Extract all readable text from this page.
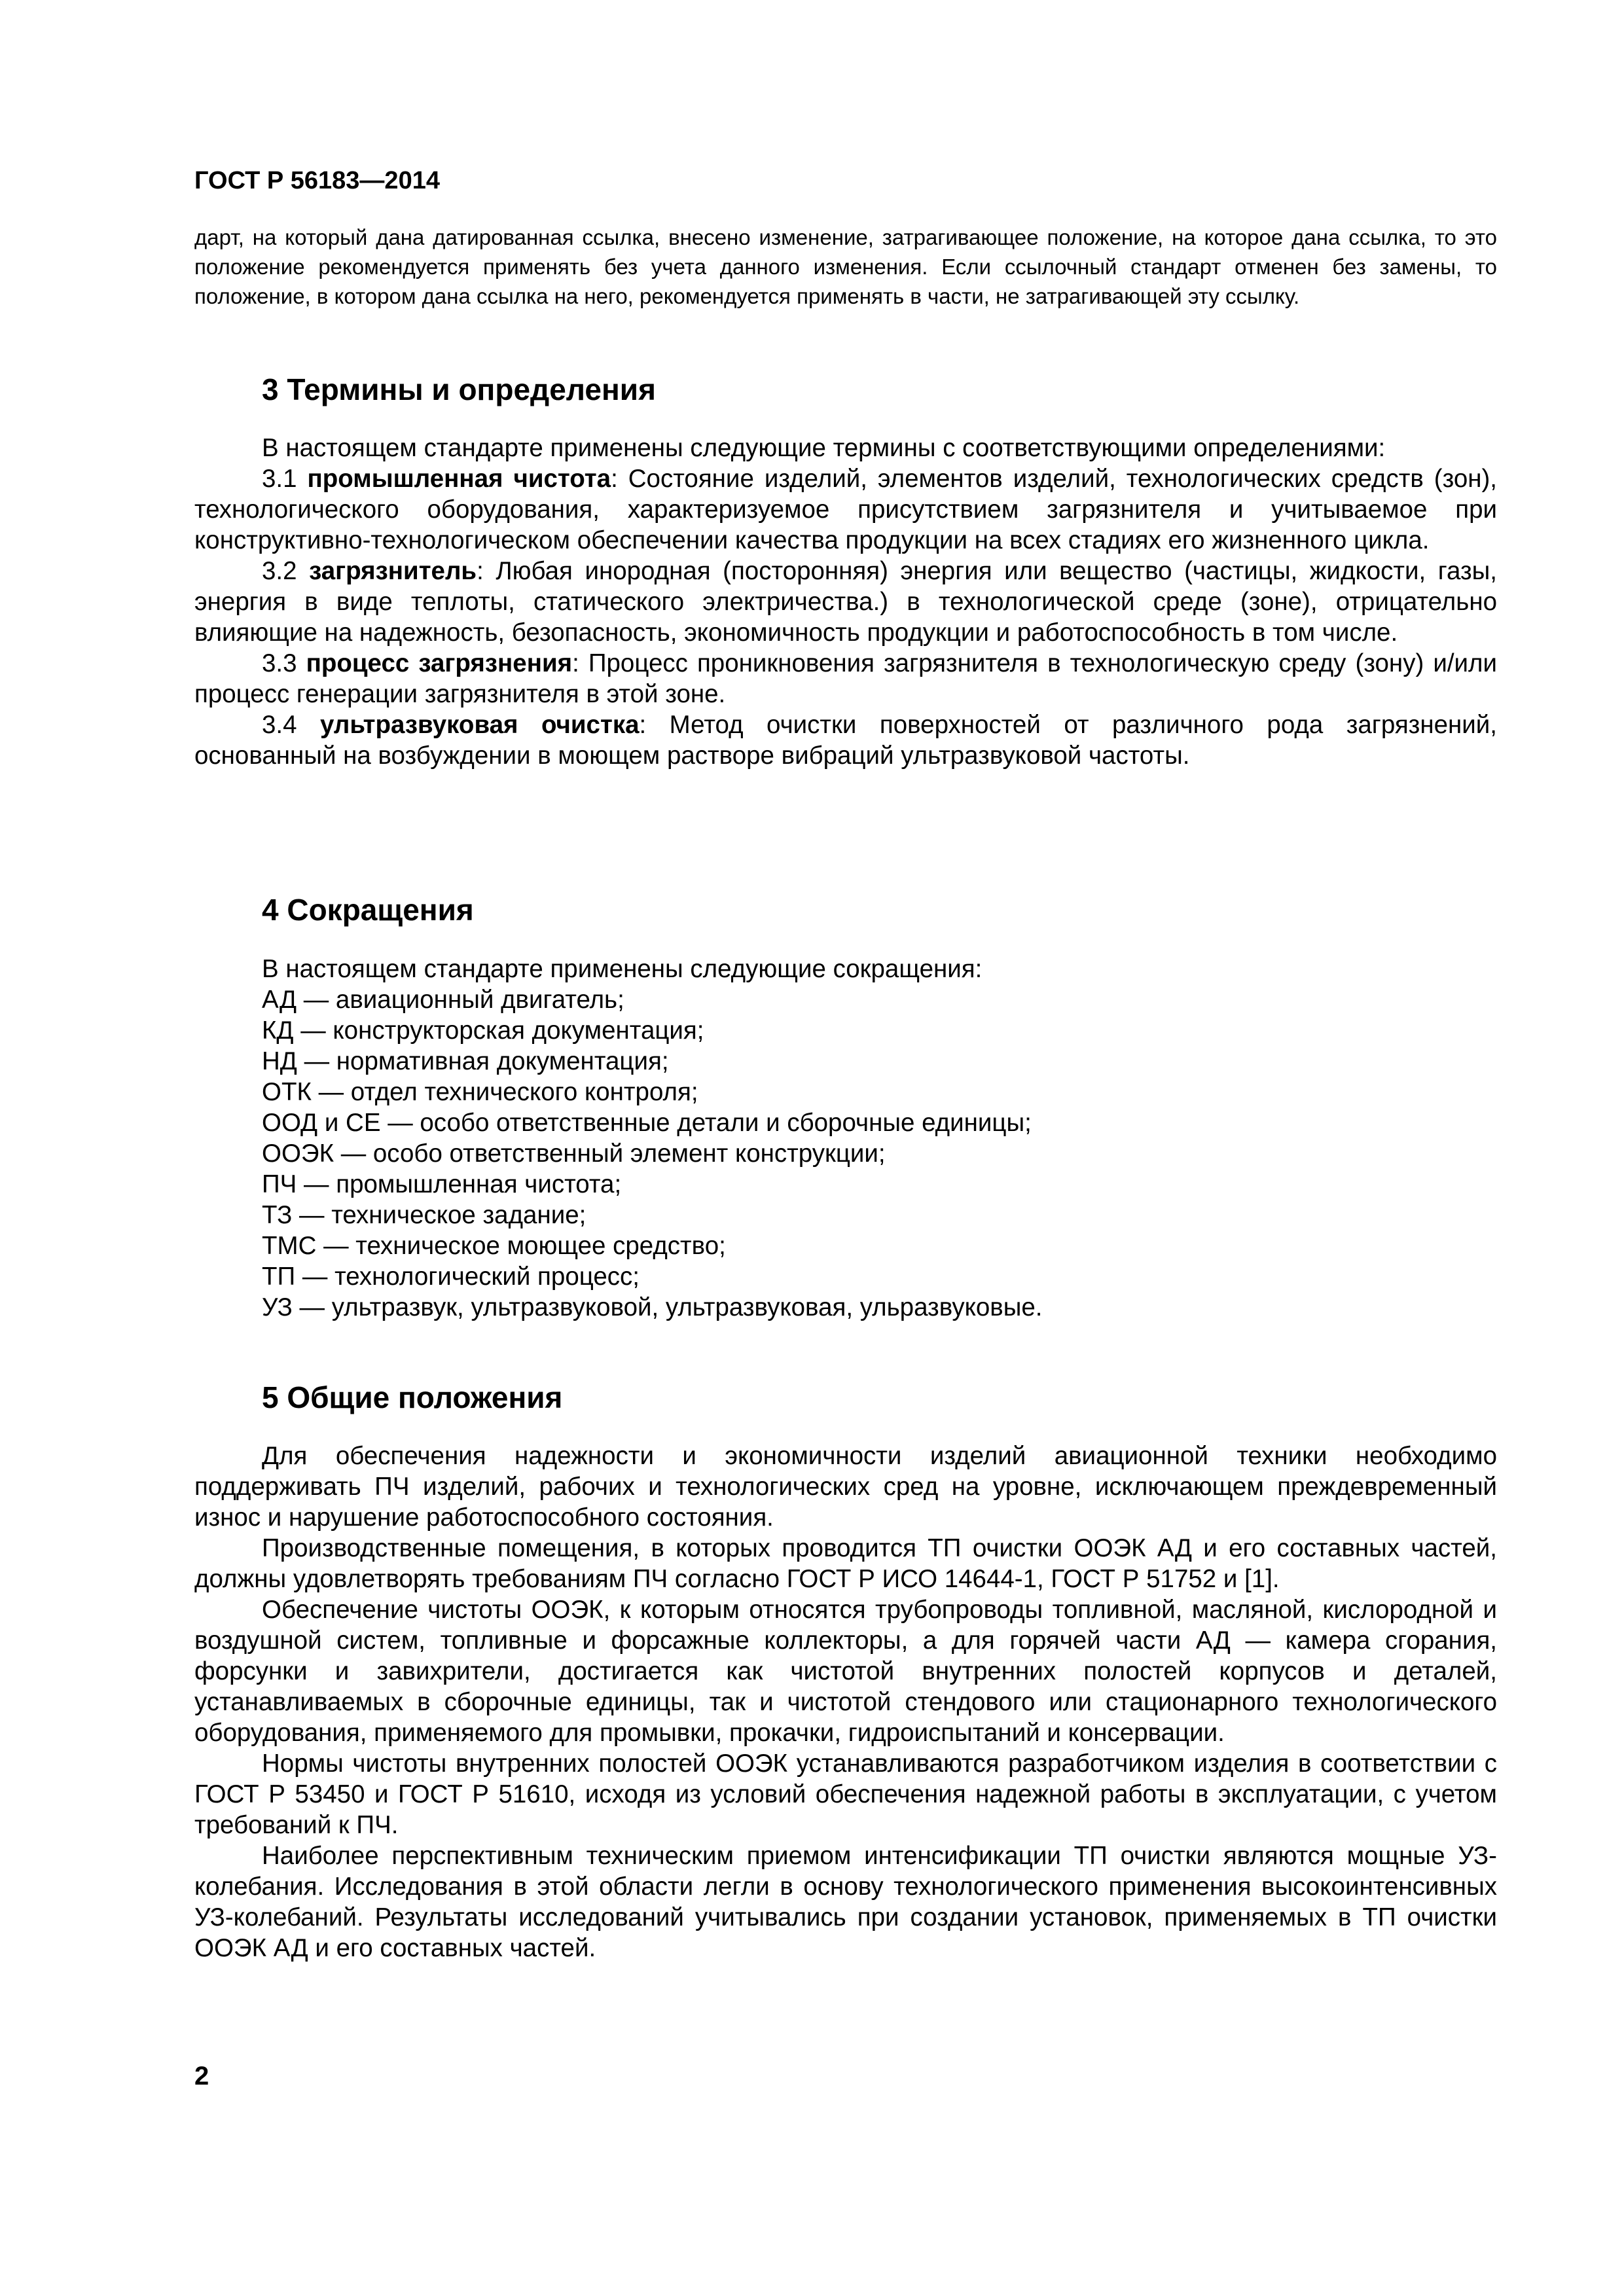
ГОСТ Р 56183—2014

дарт, на который дана датированная ссылка, внесено изменение, затрагивающее положение, на которое дана ссылка, то это положение рекомендуется применять без учета данного изменения. Если ссылочный стандарт отменен без замены, то положение, в котором дана ссылка на него, рекомендуется применять в части, не затрагивающей эту ссылку.

3 Термины и определения

В настоящем стандарте применены следующие термины с соответствующими определениями:

3.1 промышленная чистота: Состояние изделий, элементов изделий, технологических средств (зон), технологического оборудования, характеризуемое присутствием загрязнителя и учитываемое при конструктивно-технологическом обеспечении качества продукции на всех стадиях его жизненного цикла.

3.2 загрязнитель: Любая инородная (посторонняя) энергия или вещество (частицы, жидкости, газы, энергия в виде теплоты, статического электричества.) в технологической среде (зоне), отрицательно влияющие на надежность, безопасность, экономичность продукции и работоспособность в том числе.

3.3 процесс загрязнения: Процесс проникновения загрязнителя в технологическую среду (зону) и/или процесс генерации загрязнителя в этой зоне.

3.4 ультразвуковая очистка: Метод очистки поверхностей от различного рода загрязнений, основанный на возбуждении в моющем растворе вибраций ультразвуковой частоты.

4 Сокращения
В настоящем стандарте применены следующие сокращения:
АД — авиационный двигатель;
КД — конструкторская документация;
НД — нормативная документация;
ОТК — отдел технического контроля;
ООД и СЕ — особо ответственные детали и сборочные единицы;
ООЭК — особо ответственный элемент конструкции;
ПЧ — промышленная чистота;
ТЗ — техническое задание;
ТМС — техническое моющее средство;
ТП — технологический процесс;
УЗ — ультразвук, ультразвуковой, ультразвуковая, ульразвуковые.
5 Общие положения

Для обеспечения надежности и экономичности изделий авиационной техники необходимо поддерживать ПЧ изделий, рабочих и технологических сред на уровне, исключающем преждевременный износ и нарушение работоспособного состояния.

Производственные помещения, в которых проводится ТП очистки ООЭК АД и его составных частей, должны удовлетворять требованиям ПЧ согласно ГОСТ Р ИСО 14644-1, ГОСТ Р 51752 и [1].

Обеспечение чистоты ООЭК, к которым относятся трубопроводы топливной, масляной, кислородной и воздушной систем, топливные и форсажные коллекторы, а для горячей части АД — камера сгорания, форсунки и завихрители, достигается как чистотой внутренних полостей корпусов и деталей, устанавливаемых в сборочные единицы, так и чистотой стендового или стационарного технологического оборудования, применяемого для промывки, прокачки, гидроиспытаний и консервации.

Нормы чистоты внутренних полостей ООЭК устанавливаются разработчиком изделия в соответствии с ГОСТ Р 53450 и ГОСТ Р 51610, исходя из условий обеспечения надежной работы в эксплуатации, с учетом требований к ПЧ.

Наиболее перспективным техническим приемом интенсификации ТП очистки являются мощные УЗ-колебания. Исследования в этой области легли в основу технологического применения высокоинтенсивных УЗ-колебаний. Результаты исследований учитывались при создании установок, применяемых в ТП очистки ООЭК АД и его составных частей.

2
